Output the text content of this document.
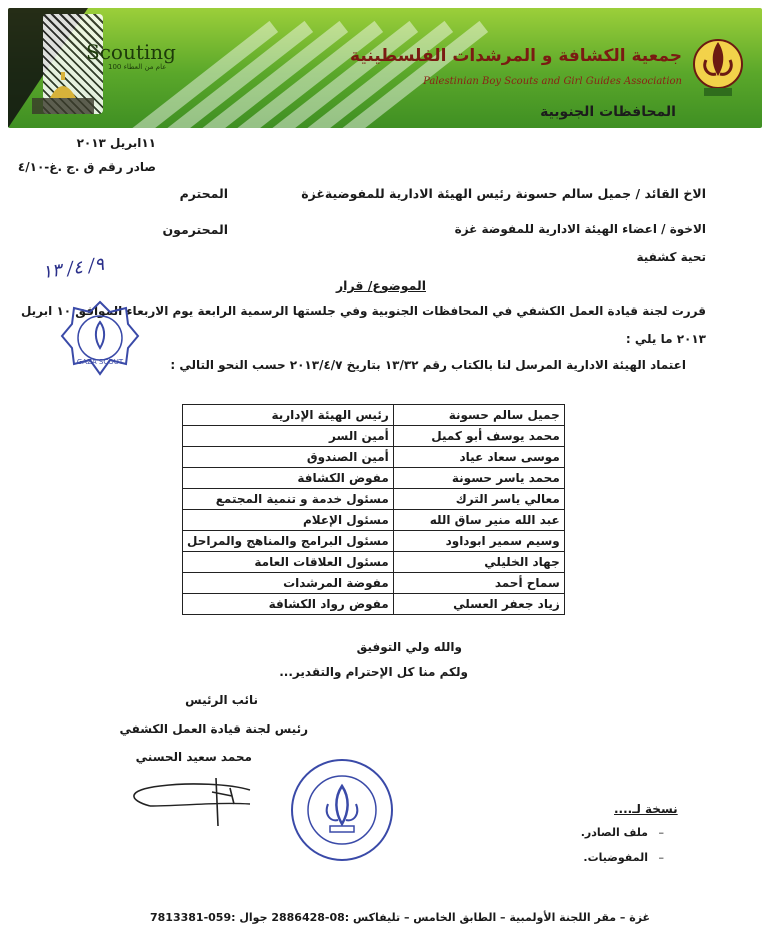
Scouting
100 عام من العطاء
جمعية الكشافة و المرشدات الفلسطينية
Palestinian Boy Scouts and Girl Guides Association
المحافظات الجنوبية
١١ابريل ٢٠١٣
صادر رقم ق .ج .غ-٤/١٠
الاخ القائد / جميل سالم حسونة رئيس الهيئة الادارية للمفوضيةغزة
المحترم
الاخوة / اعضاء الهيئة الادارية للمفوضة غزة
المحترمون
تحية كشفية
٩/ ٤/ ١٣
الموضوع/ قرار
قررت لجنة قيادة العمل الكشفي في المحافظات الجنوبية وفي جلستها الرسمية الرابعة يوم الاربعاء الموافق ١٠ ابريل
٢٠١٣ ما يلي :
اعتماد الهيئة الادارية المرسل لنا بالكتاب رقم ١٣/٣٢ بتاريخ ٢٠١٣/٤/٧ حسب النحو التالي :
GAZA SCOUT
جميل سالم حسونة	رئيس الهيئة الإدارية
محمد يوسف أبو كميل	أمين السر
موسى سعاد عياد	أمين الصندوق
محمد ياسر حسونة	مفوض الكشافة
معالي ياسر الترك	مسئول خدمة و تنمية المجتمع
عبد الله منير ساق الله	مسئول الإعلام
وسيم سمير ابوداود	مسئول البرامج والمناهج والمراحل
جهاد الخليلي	مسئول العلاقات العامة
سماح أحمد	مفوضة المرشدات
زياد جعفر العسلي	مفوض رواد الكشافة
والله ولي التوفيق
ولكم منا كل الإحترام والتقدير...
نائب الرئيس
رئيس لجنة قيادة العمل الكشفي
محمد سعيد الحسني
نسخة لـ....
–   ملف الصادر.
–   المفوضيات.
غزة – مقر اللجنة الأولمبية – الطابق الخامس – تليفاكس :08-2886428 جوال :059-7813381
